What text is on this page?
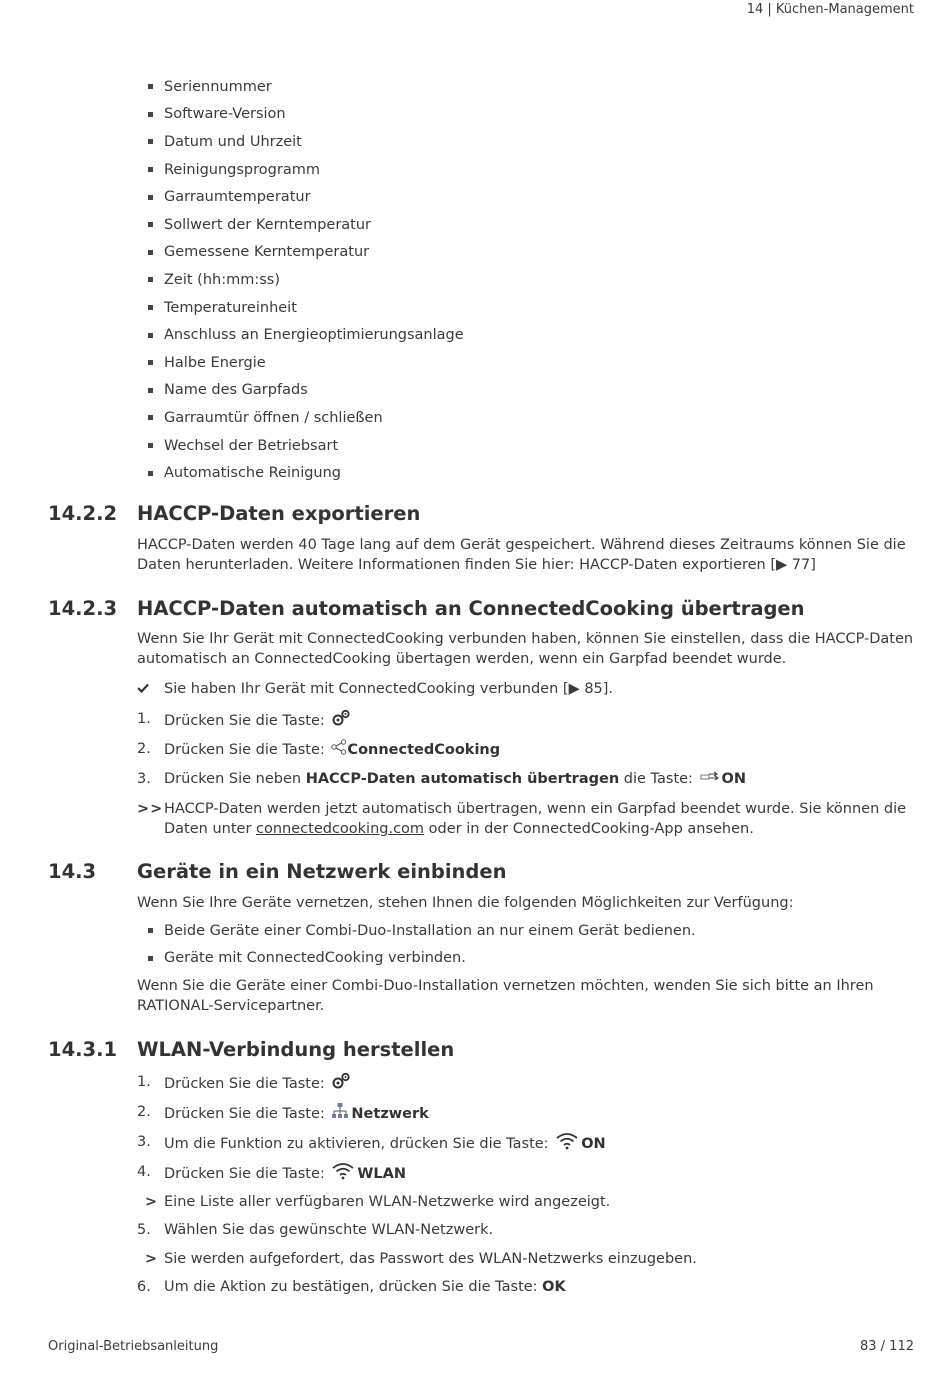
14 | Küchen-Management
Seriennummer
Software-Version
Datum und Uhrzeit
Reinigungsprogramm
Garraumtemperatur
Sollwert der Kerntemperatur
Gemessene Kerntemperatur
Zeit (hh:mm:ss)
Temperatureinheit
Anschluss an Energieoptimierungsanlage
Halbe Energie
Name des Garpfads
Garraumtür öffnen / schließen
Wechsel der Betriebsart
Automatische Reinigung
14.2.2	HACCP-Daten exportieren

HACCP-Daten werden 40 Tage lang auf dem Gerät gespeichert. Während dieses Zeitraums können Sie die Daten herunterladen. Weitere Informationen finden Sie hier: HACCP-Daten exportieren [▶ 77]

14.2.3	HACCP-Daten automatisch an ConnectedCooking übertragen

Wenn Sie Ihr Gerät mit ConnectedCooking verbunden haben, können Sie einstellen, dass die HACCP-Daten automatisch an ConnectedCooking übertagen werden, wenn ein Garpfad beendet wurde.

Sie haben Ihr Gerät mit ConnectedCooking verbunden [▶ 85].
1. Drücken Sie die Taste:
2. Drücken Sie die Taste: ConnectedCooking
3. Drücken Sie neben HACCP-Daten automatisch übertragen die Taste: ON
>> HACCP-Daten werden jetzt automatisch übertragen, wenn ein Garpfad beendet wurde. Sie können die Daten unter connectedcooking.com oder in der ConnectedCooking-App ansehen.
14.3	Geräte in ein Netzwerk einbinden

Wenn Sie Ihre Geräte vernetzen, stehen Ihnen die folgenden Möglichkeiten zur Verfügung:

Beide Geräte einer Combi-Duo-Installation an nur einem Gerät bedienen.
Geräte mit ConnectedCooking verbinden.

Wenn Sie die Geräte einer Combi-Duo-Installation vernetzen möchten, wenden Sie sich bitte an Ihren RATIONAL-Servicepartner.

14.3.1	WLAN-Verbindung herstellen
1. Drücken Sie die Taste:
2. Drücken Sie die Taste: Netzwerk
3. Um die Funktion zu aktivieren, drücken Sie die Taste: ON
4. Drücken Sie die Taste: WLAN
> Eine Liste aller verfügbaren WLAN-Netzwerke wird angezeigt.
5. Wählen Sie das gewünschte WLAN-Netzwerk.
> Sie werden aufgefordert, das Passwort des WLAN-Netzwerks einzugeben.
6. Um die Aktion zu bestätigen, drücken Sie die Taste: OK
Original-Betriebsanleitung	83 / 112
